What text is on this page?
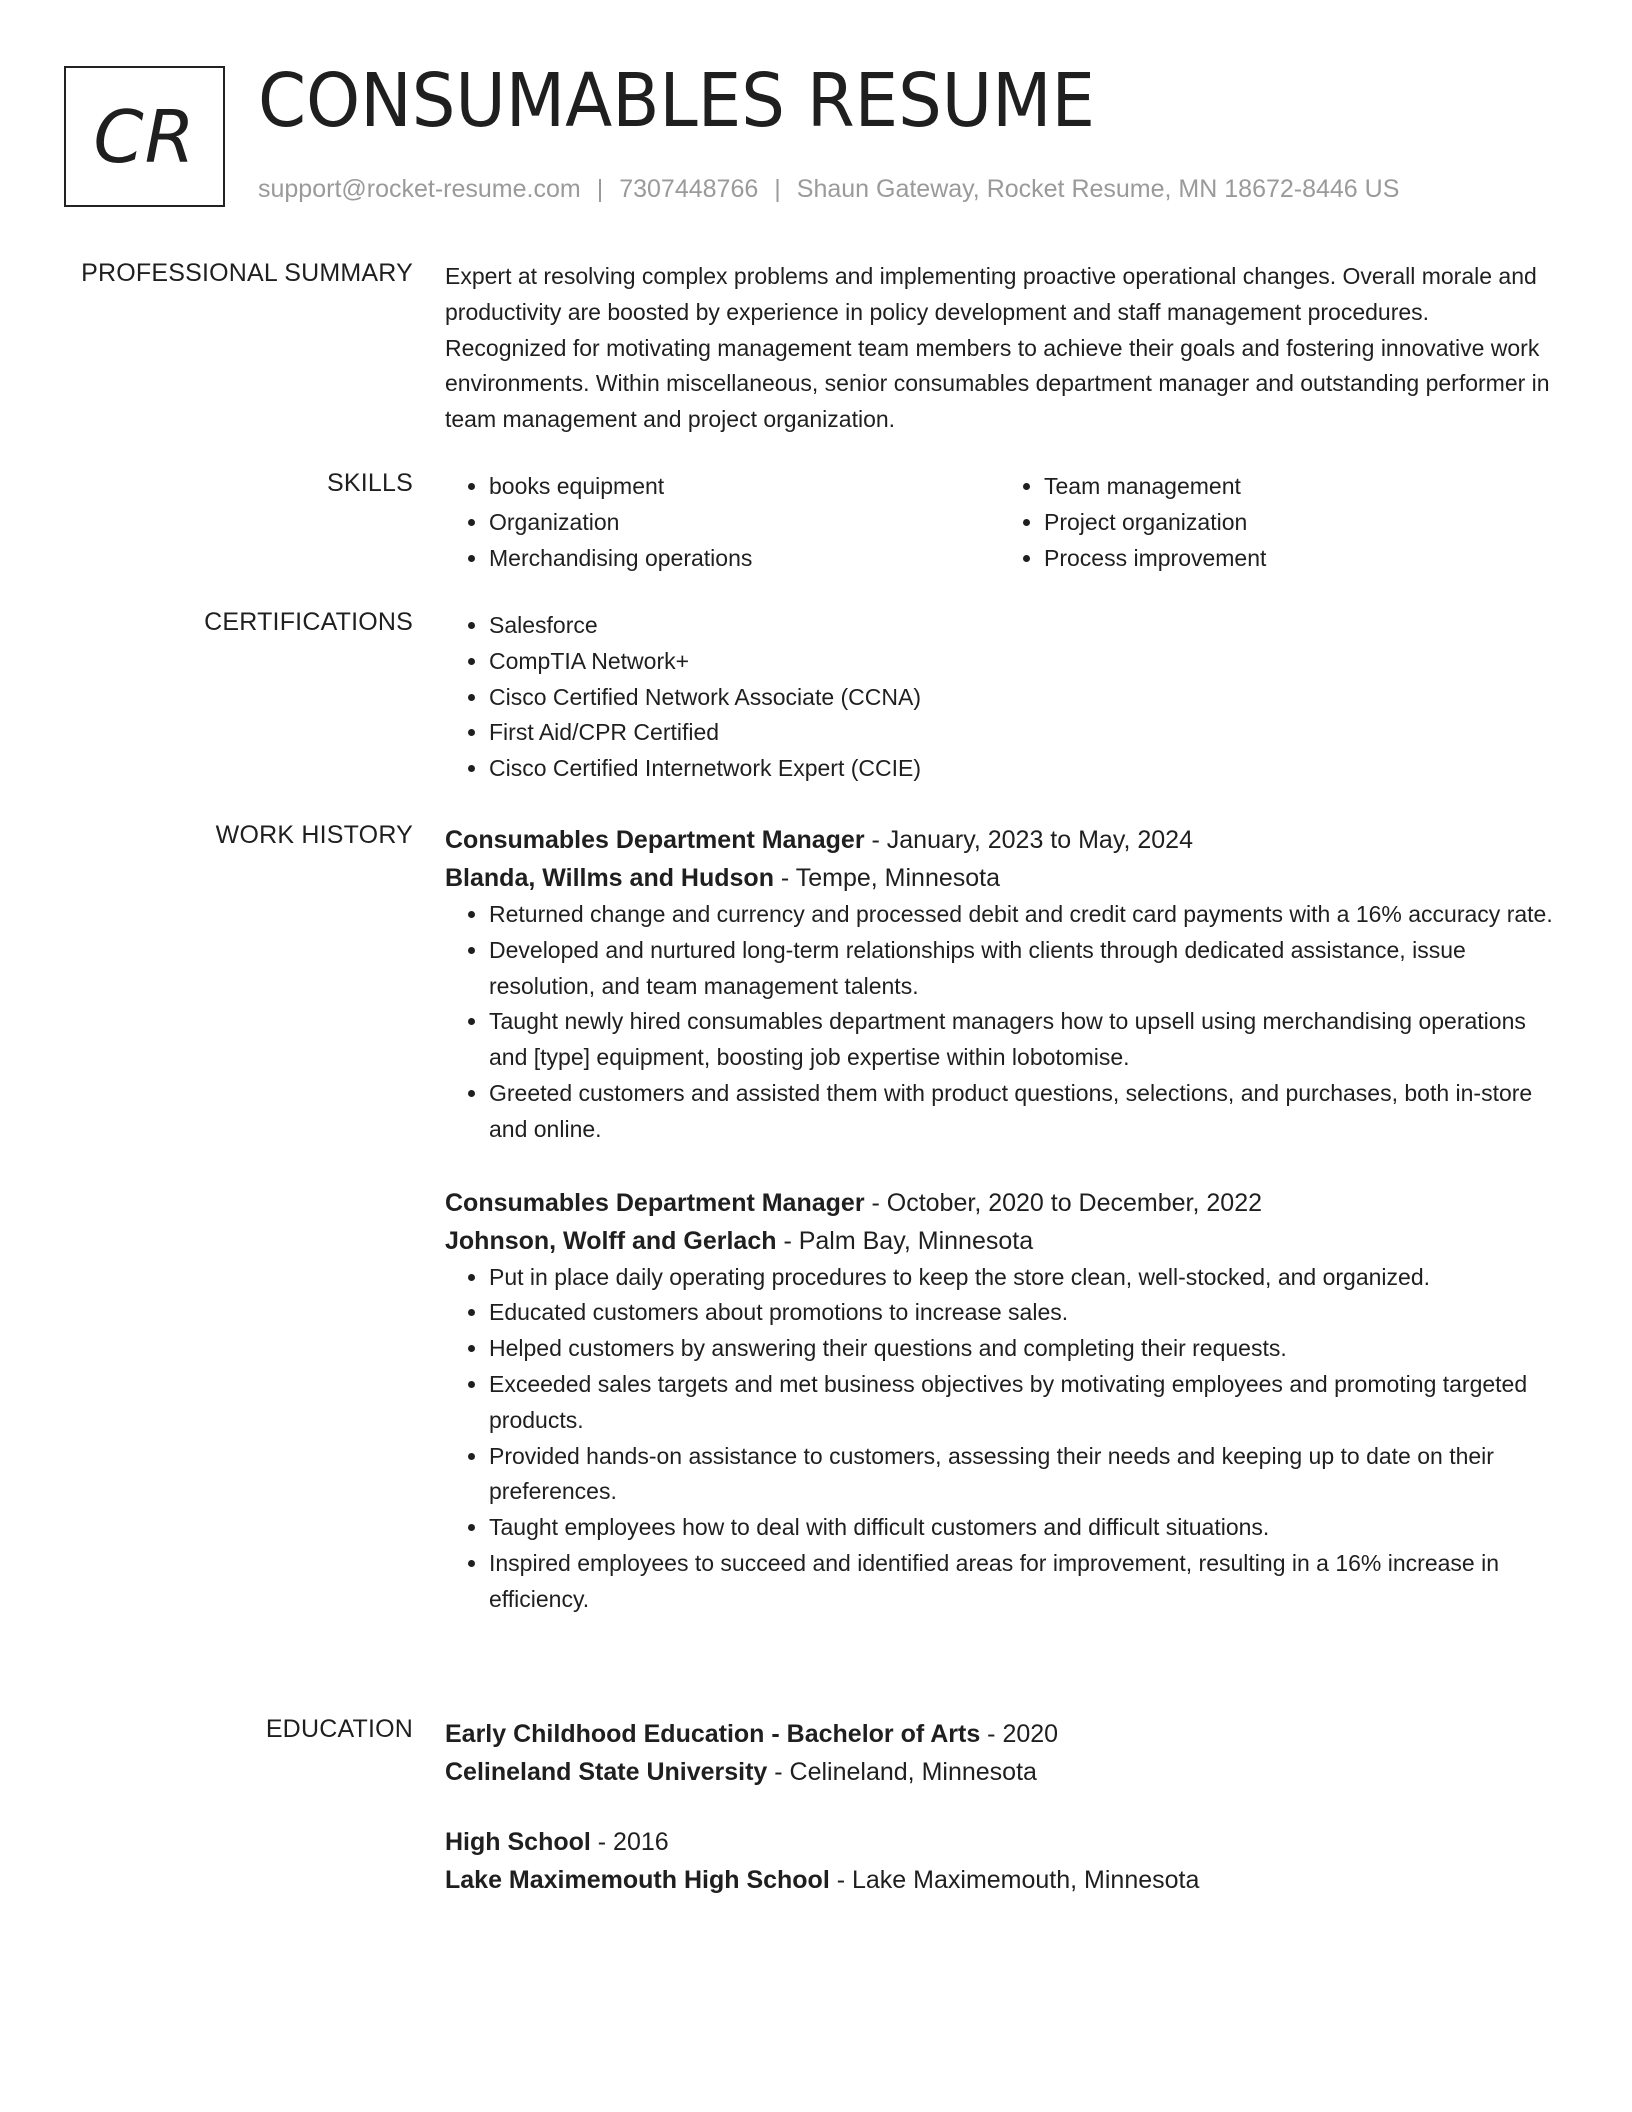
CR CONSUMABLES RESUME
support@rocket-resume.com | 7307448766 | Shaun Gateway, Rocket Resume, MN 18672-8446 US
PROFESSIONAL SUMMARY Expert at resolving complex problems and implementing proactive operational changes. Overall morale and productivity are boosted by experience in policy development and staff management procedures. Recognized for motivating management team members to achieve their goals and fostering innovative work environments. Within miscellaneous, senior consumables department manager and outstanding performer in team management and project organization.

SKILLS	• books equipment
• Organization
• Merchandising operations
• Team management
• Project organization
• Process improvement
CERTIFICATIONS	• Salesforce
• CompTIA Network+
• Cisco Certified Network Associate (CCNA)
• First Aid/CPR Certified
• Cisco Certified Internetwork Expert (CCIE)
WORK HISTORY Consumables Department Manager - January, 2023 to May, 2024
Blanda, Willms and Hudson - Tempe, Minnesota
• Returned change and currency and processed debit and credit card payments with a 16% accuracy rate.
• Developed and nurtured long-term relationships with clients through dedicated assistance, issue resolution, and team management talents.
• Taught newly hired consumables department managers how to upsell using merchandising operations and [type] equipment, boosting job expertise within lobotomise.
• Greeted customers and assisted them with product questions, selections, and purchases, both in-store and online.
Consumables Department Manager - October, 2020 to December, 2022
Johnson, Wolff and Gerlach - Palm Bay, Minnesota
• Put in place daily operating procedures to keep the store clean, well-stocked, and organized.
• Educated customers about promotions to increase sales.
• Helped customers by answering their questions and completing their requests.
• Exceeded sales targets and met business objectives by motivating employees and promoting targeted products.
• Provided hands-on assistance to customers, assessing their needs and keeping up to date on their preferences.
• Taught employees how to deal with difficult customers and difficult situations.
• Inspired employees to succeed and identified areas for improvement, resulting in a 16% increase in efficiency.
EDUCATION Early Childhood Education - Bachelor of Arts - 2020
Celineland State University - Celineland, Minnesota
High School - 2016
Lake Maximemouth High School - Lake Maximemouth, Minnesota
